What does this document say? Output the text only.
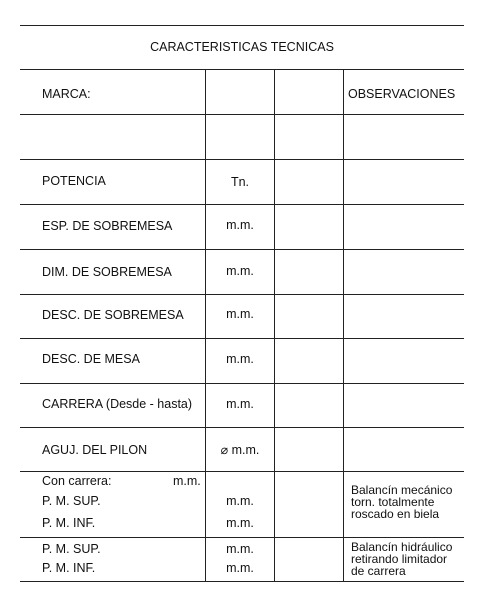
CARACTERISTICAS TECNICAS
MARCA:	OBSERVACIONES
POTENCIA	Tn.
ESP. DE SOBREMESA	m.m.
DIM. DE SOBREMESA	m.m.
DESC. DE SOBREMESA	m.m.
DESC. DE MESA	m.m.
CARRERA (Desde - hasta)	m.m.
AGUJ. DEL PILON	⌀ m.m.
Con carrera:	m.m.
P. M. SUP.	m.m.
P. M. INF.	m.m.
Balancín mecánico torn. totalmente roscado en biela
P. M. SUP.	m.m.
P. M. INF.	m.m.
Balancín hidráulico retirando limitador de carrera
